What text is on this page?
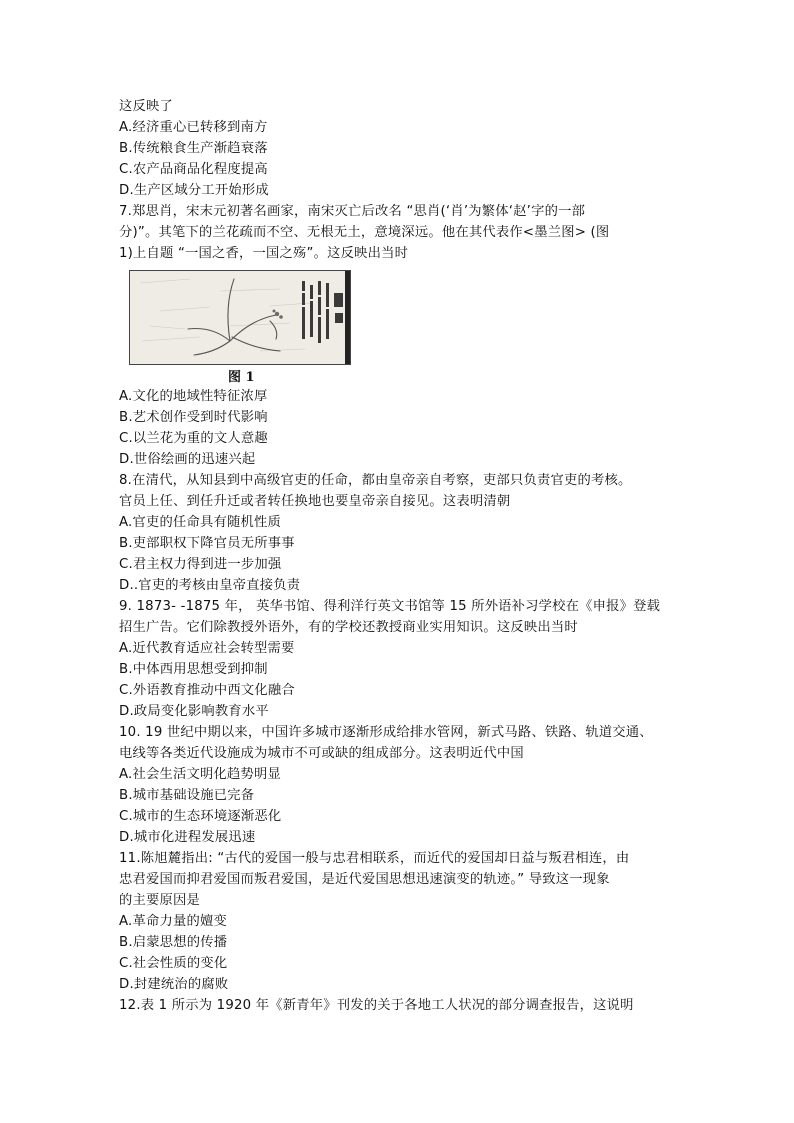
这反映了
A.经济重心已转移到南方
B.传统粮食生产渐趋衰落
C.农产品商品化程度提高
D.生产区域分工开始形成
7.郑思肖，宋末元初著名画家，南宋灭亡后改名 “思肖(‘肖’为繁体‘赵’字的一部
分)”。其笔下的兰花疏而不空、无根无土，意境深远。他在其代表作<墨兰图> (图
1)上自题 “一国之香，一国之殇”。这反映出当时
图 1
A.文化的地域性特征浓厚
B.艺术创作受到时代影响
C.以兰花为重的文人意趣
D.世俗绘画的迅速兴起
8.在清代，从知县到中高级官吏的任命，都由皇帝亲自考察，吏部只负责官吏的考核。
官员上任、到任升迁或者转任换地也要皇帝亲自接见。这表明清朝
A.官吏的任命具有随机性质
B.吏部职权下降官员无所事事
C.君主权力得到进一步加强
D..官吏的考核由皇帝直接负责
9. 1873- -1875 年， 英华书馆、得利洋行英文书馆等 15 所外语补习学校在《申报》登载
招生广告。它们除教授外语外，有的学校还教授商业实用知识。这反映出当时
A.近代教育适应社会转型需要
B.中体西用思想受到抑制
C.外语教育推动中西文化融合
D.政局变化影响教育水平
10. 19 世纪中期以来，中国许多城市逐渐形成给排水管网，新式马路、铁路、轨道交通、
电线等各类近代设施成为城市不可或缺的组成部分。这表明近代中国
A.社会生活文明化趋势明显
B.城市基础设施已完备
C.城市的生态环境逐渐恶化
D.城市化进程发展迅速
11.陈旭麓指出: “古代的爱国一般与忠君相联系，而近代的爱国却日益与叛君相连，由
忠君爱国而抑君爱国而叛君爱国，是近代爱国思想迅速演变的轨迹。” 导致这一现象
的主要原因是
A.革命力量的嬗变
B.启蒙思想的传播
C.社会性质的变化
D.封建统治的腐败
12.表 1 所示为 1920 年《新青年》刊发的关于各地工人状况的部分调查报告，这说明
